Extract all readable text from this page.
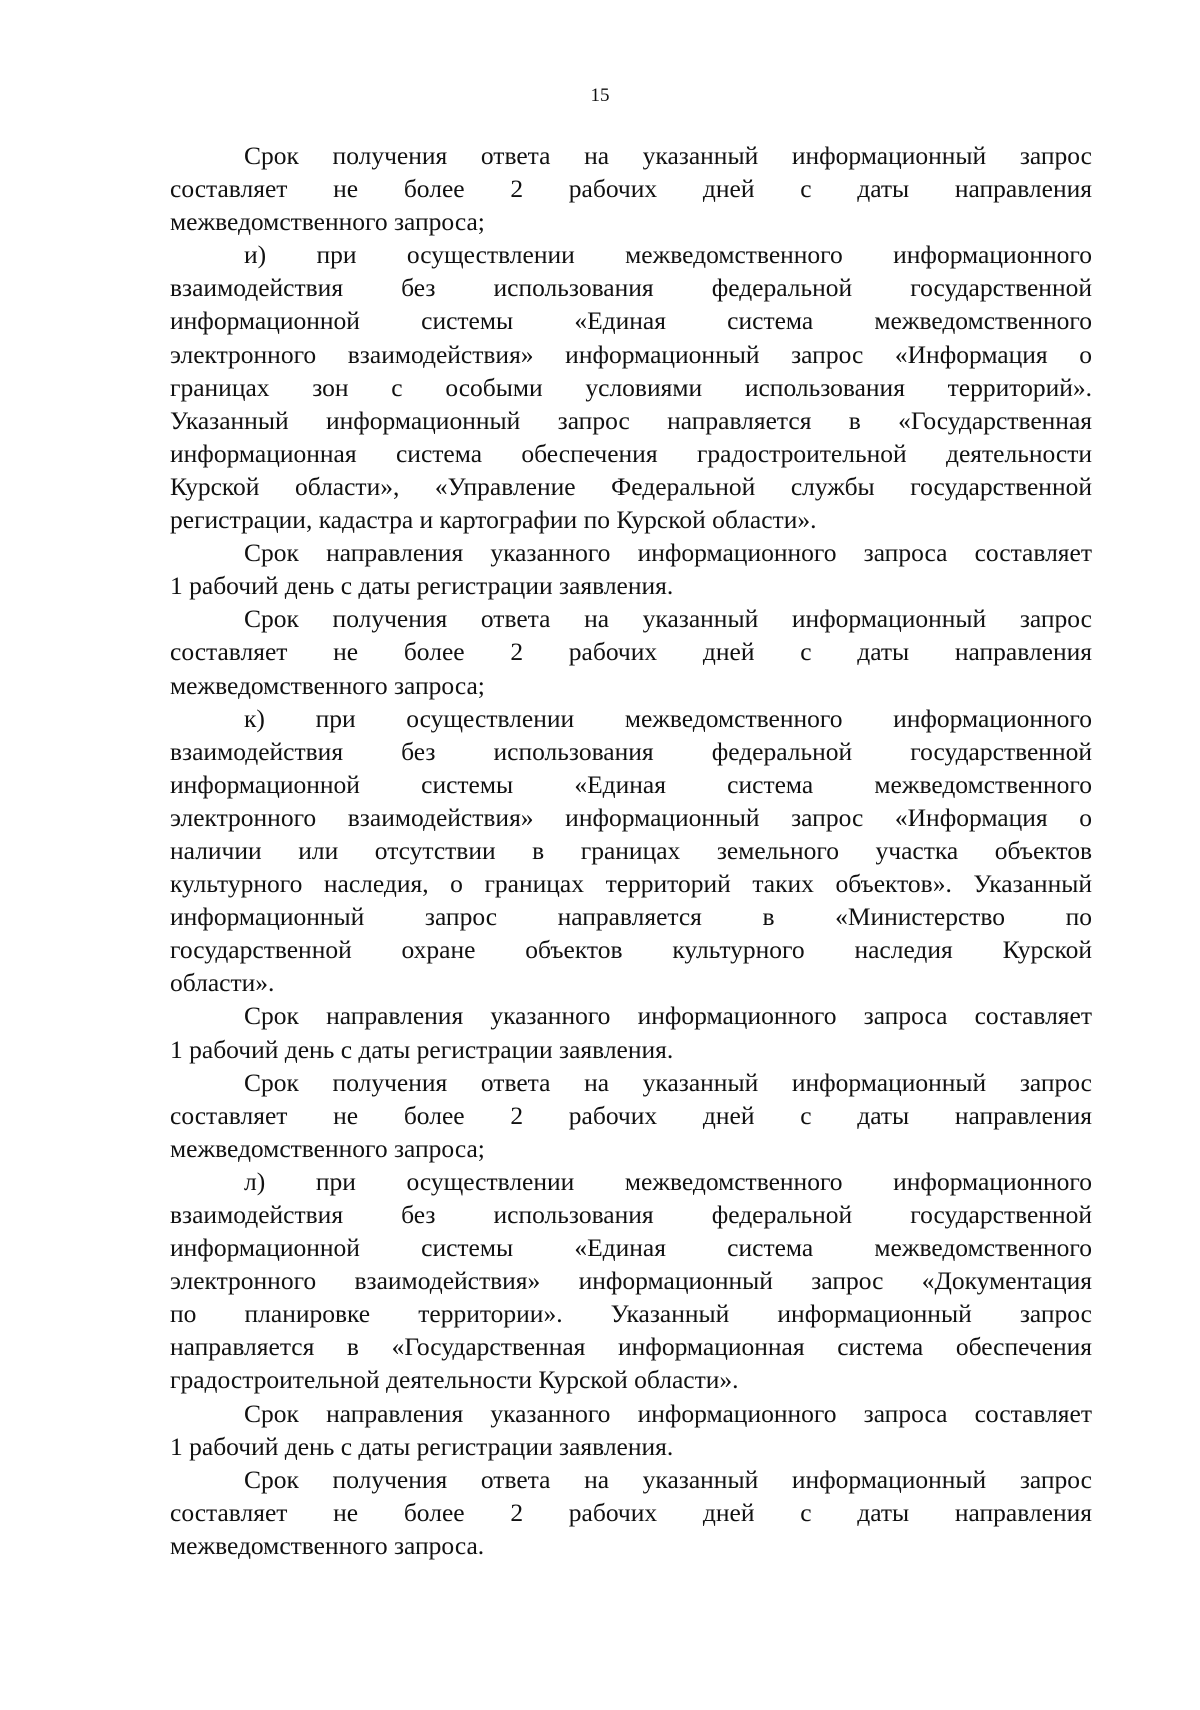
15
Срок получения ответа на указанный информационный запрос
составляет не более 2 рабочих дней с даты направления
межведомственного запроса;
и) при осуществлении межведомственного информационного
взаимодействия без использования федеральной государственной
информационной системы «Единая система межведомственного
электронного взаимодействия» информационный запрос «Информация о
границах зон с особыми условиями использования территорий».
Указанный информационный запрос направляется в «Государственная
информационная система обеспечения градостроительной деятельности
Курской области», «Управление Федеральной службы государственной
регистрации, кадастра и картографии по Курской области».
Срок направления указанного информационного запроса составляет
1 рабочий день с даты регистрации заявления.
Срок получения ответа на указанный информационный запрос
составляет не более 2 рабочих дней с даты направления
межведомственного запроса;
к) при осуществлении межведомственного информационного
взаимодействия без использования федеральной государственной
информационной системы «Единая система межведомственного
электронного взаимодействия» информационный запрос «Информация о
наличии или отсутствии в границах земельного участка объектов
культурного наследия, о границах территорий таких объектов». Указанный
информационный запрос направляется в «Министерство по
государственной охране объектов культурного наследия Курской
области».
Срок направления указанного информационного запроса составляет
1 рабочий день с даты регистрации заявления.
Срок получения ответа на указанный информационный запрос
составляет не более 2 рабочих дней с даты направления
межведомственного запроса;
л) при осуществлении межведомственного информационного
взаимодействия без использования федеральной государственной
информационной системы «Единая система межведомственного
электронного взаимодействия» информационный запрос «Документация
по планировке территории». Указанный информационный запрос
направляется в «Государственная информационная система обеспечения
градостроительной деятельности Курской области».
Срок направления указанного информационного запроса составляет
1 рабочий день с даты регистрации заявления.
Срок получения ответа на указанный информационный запрос
составляет не более 2 рабочих дней с даты направления
межведомственного запроса.
